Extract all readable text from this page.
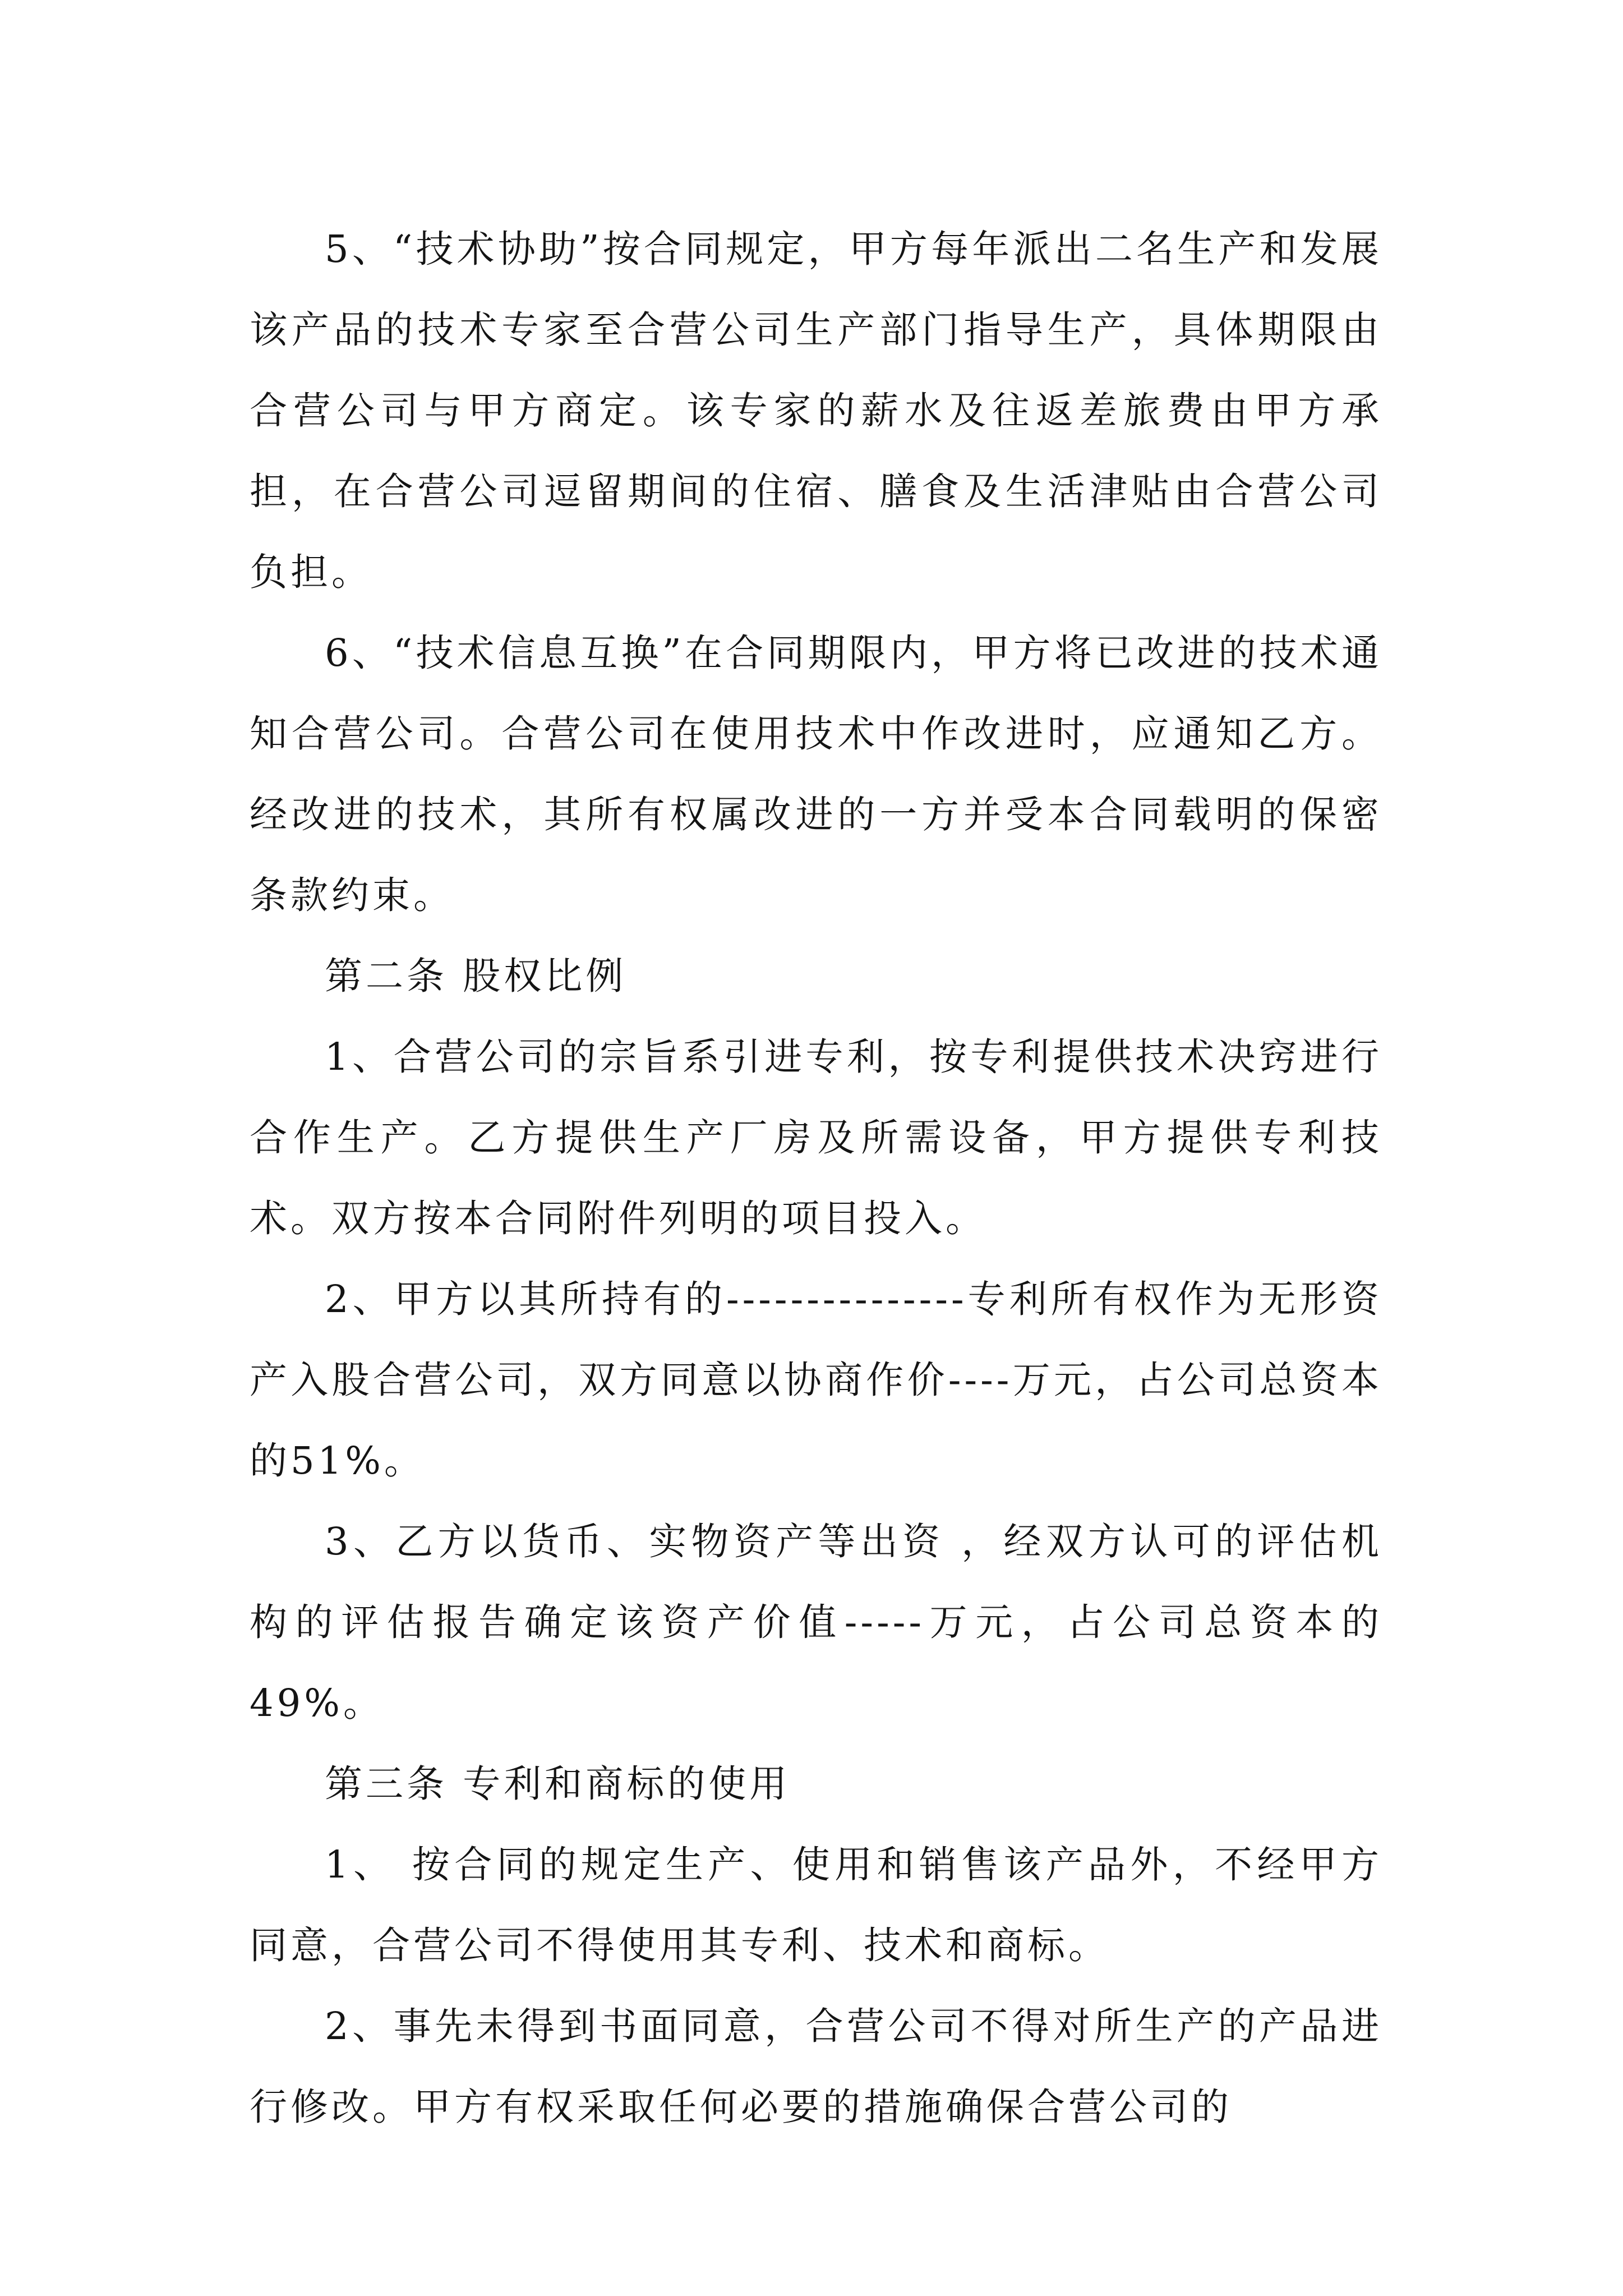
5、“技术协助”按合同规定，甲方每年派出二名生产和发展该产品的技术专家至合营公司生产部门指导生产，具体期限由合营公司与甲方商定。该专家的薪水及往返差旅费由甲方承担，在合营公司逗留期间的住宿、膳食及生活津贴由合营公司负担。

6、“技术信息互换”在合同期限内，甲方将已改进的技术通知合营公司。合营公司在使用技术中作改进时，应通知乙方。经改进的技术，其所有权属改进的一方并受本合同载明的保密条款约束。

第二条 股权比例

1、合营公司的宗旨系引进专利，按专利提供技术决窍进行合作生产。乙方提供生产厂房及所需设备，甲方提供专利技术。双方按本合同附件列明的项目投入。

2、甲方以其所持有的---------------专利所有权作为无形资产入股合营公司，双方同意以协商作价----万元，占公司总资本的51%。

3、乙方以货币、实物资产等出资 ，经双方认可的评估机构的评估报告确定该资产价值-----万元，占公司总资本的49%。

第三条 专利和商标的使用

1、 按合同的规定生产、使用和销售该产品外，不经甲方同意，合营公司不得使用其专利、技术和商标。

2、事先未得到书面同意，合营公司不得对所生产的产品进行修改。甲方有权采取任何必要的措施确保合营公司的
